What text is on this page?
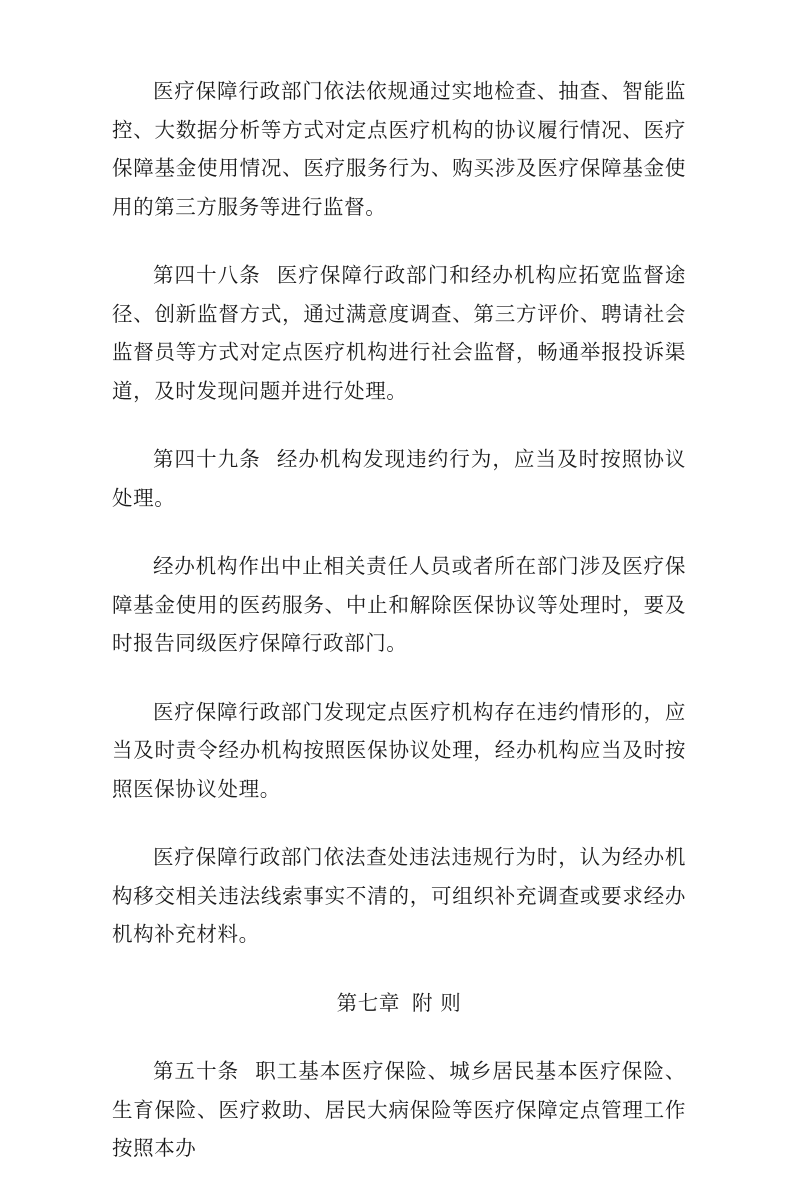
医疗保障行政部门依法依规通过实地检查、抽查、智能监控、大数据分析等方式对定点医疗机构的协议履行情况、医疗保障基金使用情况、医疗服务行为、购买涉及医疗保障基金使用的第三方服务等进行监督。

第四十八条 医疗保障行政部门和经办机构应拓宽监督途径、创新监督方式，通过满意度调查、第三方评价、聘请社会监督员等方式对定点医疗机构进行社会监督，畅通举报投诉渠道，及时发现问题并进行处理。

第四十九条 经办机构发现违约行为，应当及时按照协议处理。

经办机构作出中止相关责任人员或者所在部门涉及医疗保障基金使用的医药服务、中止和解除医保协议等处理时，要及时报告同级医疗保障行政部门。

医疗保障行政部门发现定点医疗机构存在违约情形的，应当及时责令经办机构按照医保协议处理，经办机构应当及时按照医保协议处理。

医疗保障行政部门依法查处违法违规行为时，认为经办机构移交相关违法线索事实不清的，可组织补充调查或要求经办机构补充材料。

第七章 附 则

第五十条 职工基本医疗保险、城乡居民基本医疗保险、生育保险、医疗救助、居民大病保险等医疗保障定点管理工作按照本办
